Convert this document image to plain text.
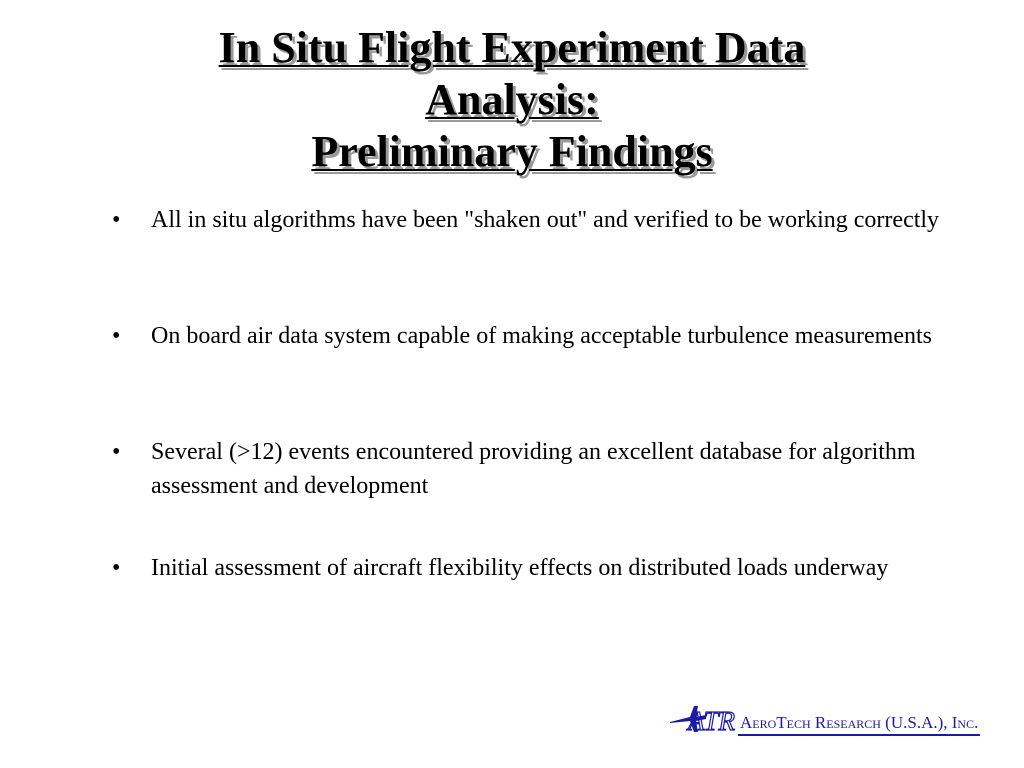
In Situ Flight Experiment Data
Analysis:
Preliminary Findings
•	All in situ algorithms have been "shaken out" and verified to be working correctly
•	On board air data system capable of making acceptable turbulence measurements
•	Several (>12) events encountered providing an excellent database for algorithm assessment and development
•	Initial assessment of aircraft flexibility effects on distributed loads underway
ATR AeroTech Research (U.S.A.), Inc.
